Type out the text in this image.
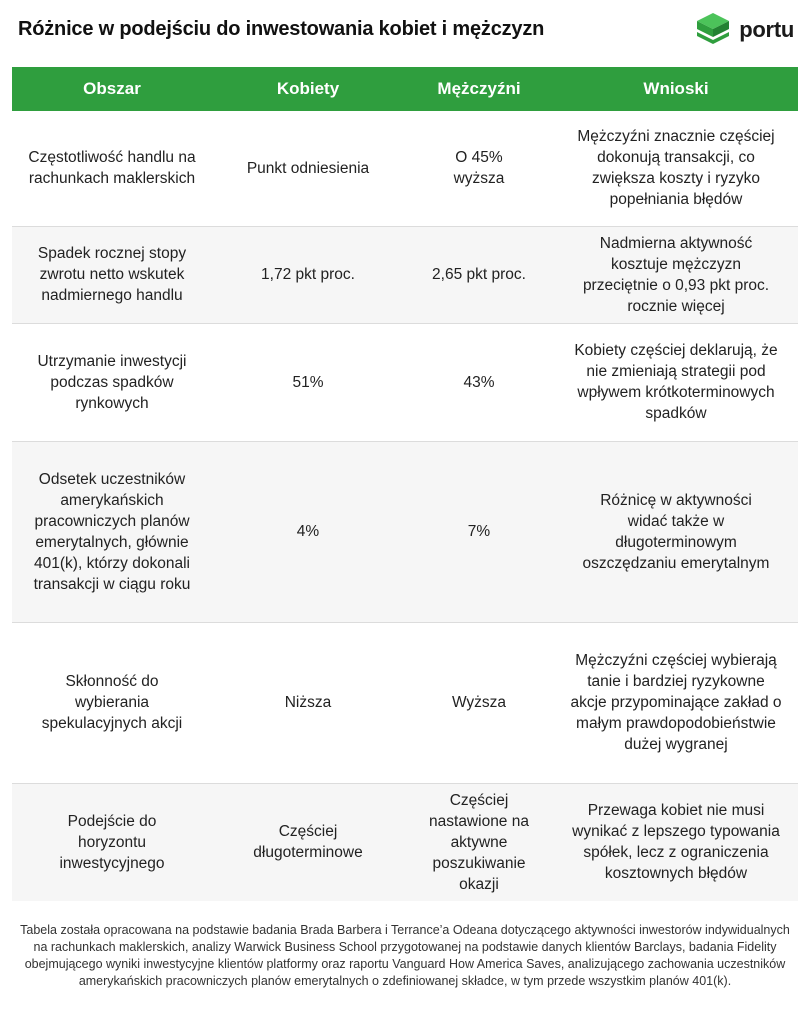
Różnice w podejściu do inwestowania kobiet i mężczyzn	portu
Obszar	Kobiety	Mężczyźni	Wnioski
Częstotliwość handlu na rachunkach maklerskich	Punkt odniesienia	O 45% wyższa	Mężczyźni znacznie częściej dokonują transakcji, co zwiększa koszty i ryzyko popełniania błędów
Spadek rocznej stopy zwrotu netto wskutek nadmiernego handlu	1,72 pkt proc.	2,65 pkt proc.	Nadmierna aktywność kosztuje mężczyzn przeciętnie o 0,93 pkt proc. rocznie więcej
Utrzymanie inwestycji podczas spadków rynkowych	51%	43%	Kobiety częściej deklarują, że nie zmieniają strategii pod wpływem krótkoterminowych spadków
Odsetek uczestników amerykańskich pracowniczych planów emerytalnych, głównie 401(k), którzy dokonali transakcji w ciągu roku	4%	7%	Różnicę w aktywności widać także w długoterminowym oszczędzaniu emerytalnym
Skłonność do wybierania spekulacyjnych akcji	Niższa	Wyższa	Mężczyźni częściej wybierają tanie i bardziej ryzykowne akcje przypominające zakład o małym prawdopodobieństwie dużej wygranej
Podejście do horyzontu inwestycyjnego	Częściej długoterminowe	Częściej nastawione na aktywne poszukiwanie okazji	Przewaga kobiet nie musi wynikać z lepszego typowania spółek, lecz z ograniczenia kosztownych błędów
Tabela została opracowana na podstawie badania Brada Barbera i Terrance’a Odeana dotyczącego aktywności inwestorów indywidualnych na rachunkach maklerskich, analizy Warwick Business School przygotowanej na podstawie danych klientów Barclays, badania Fidelity obejmującego wyniki inwestycyjne klientów platformy oraz raportu Vanguard How America Saves, analizującego zachowania uczestników amerykańskich pracowniczych planów emerytalnych o zdefiniowanej składce, w tym przede wszystkim planów 401(k).
